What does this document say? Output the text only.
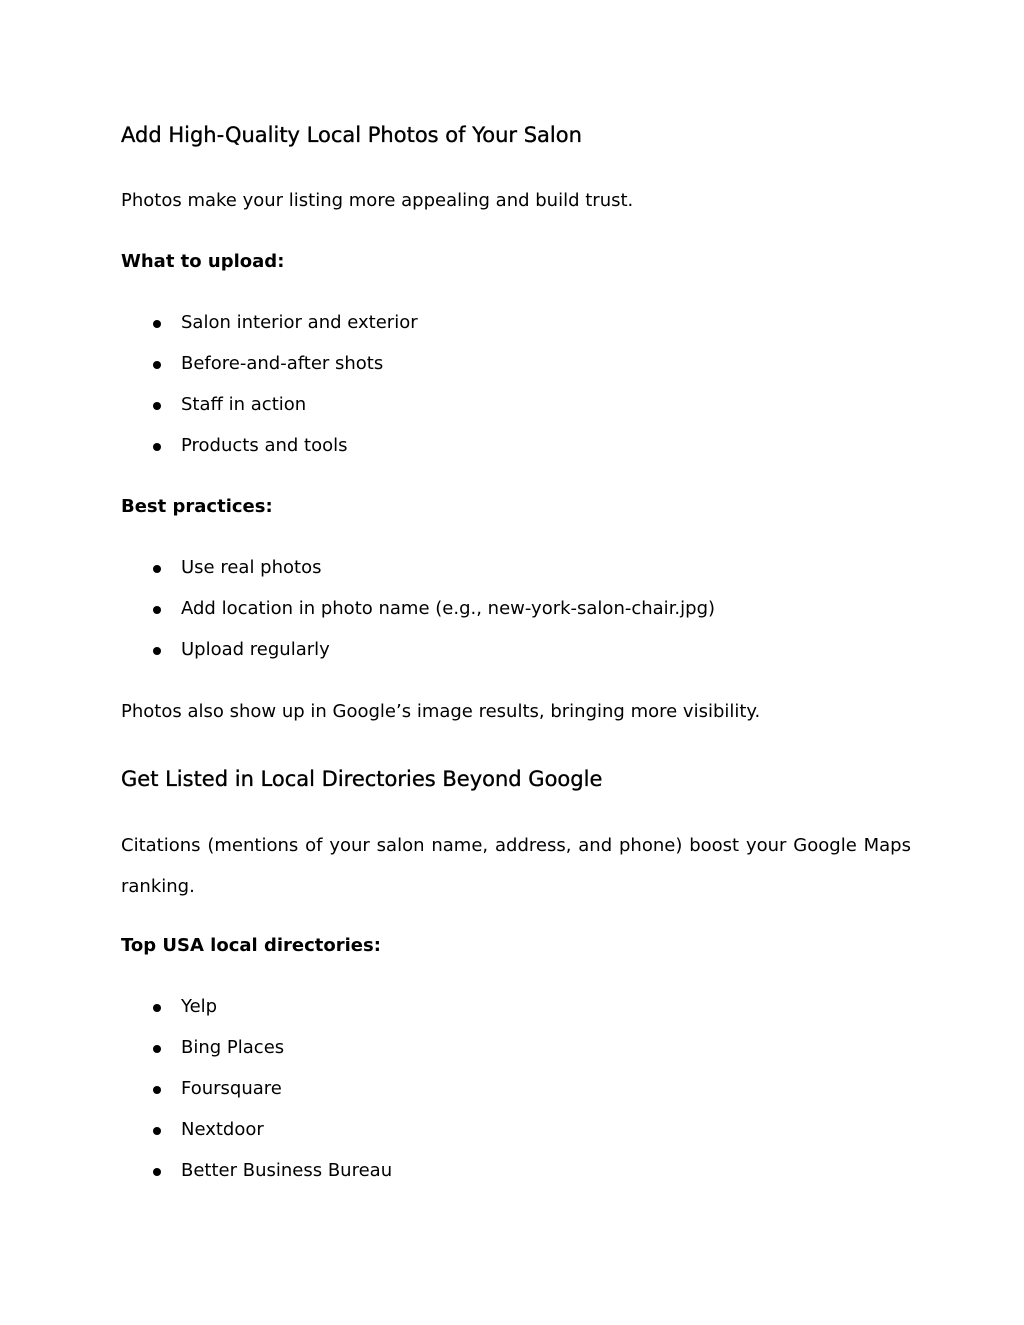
Add High-Quality Local Photos of Your Salon

Photos make your listing more appealing and build trust.

What to upload:

Salon interior and exterior
Before-and-after shots
Staff in action
Products and tools

Best practices:

Use real photos
Add location in photo name (e.g., new-york-salon-chair.jpg)
Upload regularly

Photos also show up in Google’s image results, bringing more visibility.

Get Listed in Local Directories Beyond Google

Citations (mentions of your salon name, address, and phone) boost your Google Maps ranking.

Top USA local directories:

Yelp
Bing Places
Foursquare
Nextdoor
Better Business Bureau
